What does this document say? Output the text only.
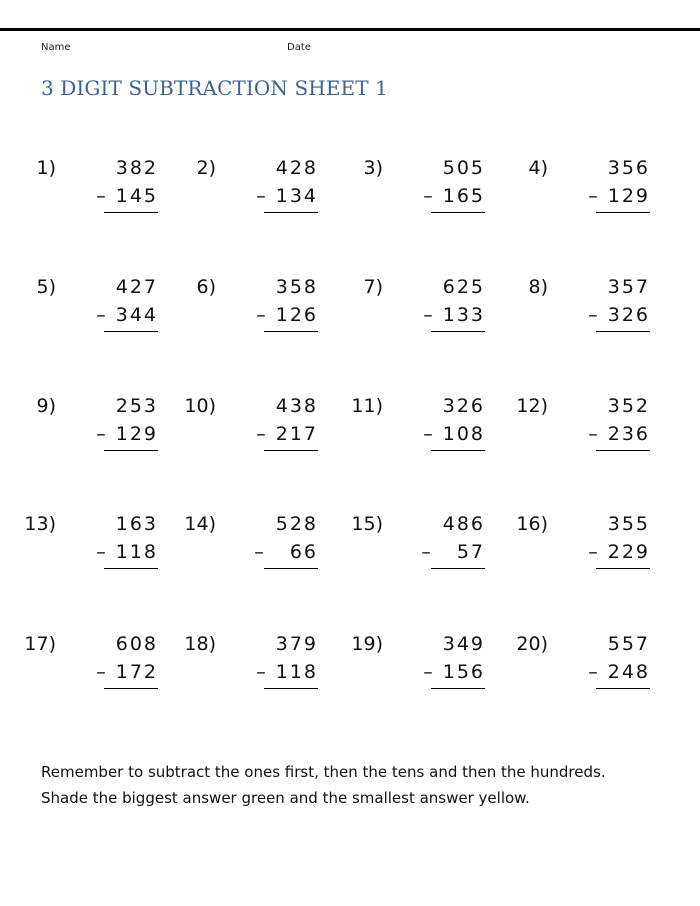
Name	Date
3 DIGIT SUBTRACTION SHEET 1
1)	382
– 145
2)	428
– 134
3)	505
– 165
4)	356
– 129
5)	427
– 344
6)	358
– 126
7)	625
– 133
8)	357
– 326
9)	253
– 129
10)	438
– 217
11)	326
– 108
12)	352
– 236
13)	163
– 118
14)	528
–   66
15)	486
–   57
16)	355
– 229
17)	608
– 172
18)	379
– 118
19)	349
– 156
20)	557
– 248
Remember to subtract the ones first, then the tens and then the hundreds.
Shade the biggest answer green and the smallest answer yellow.
